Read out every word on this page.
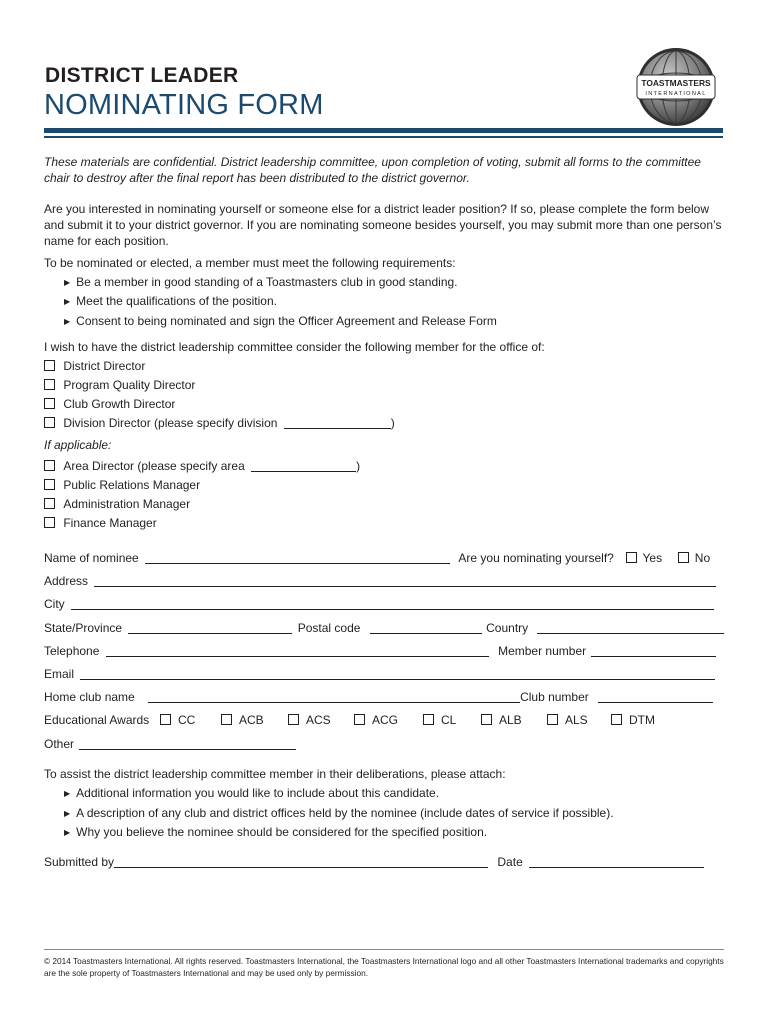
DISTRICT LEADER
NOMINATING FORM
TOASTMASTERS
INTERNATIONAL
These materials are confidential. District leadership committee, upon completion of voting, submit all forms to the committee chair to destroy after the final report has been distributed to the district governor.
Are you interested in nominating yourself or someone else for a district leader position? If so, please complete the form below and submit it to your district governor. If you are nominating someone besides yourself, you may submit more than one person’s name for each position.
To be nominated or elected, a member must meet the following requirements:
▶ Be a member in good standing of a Toastmasters club in good standing.
▶ Meet the qualifications of the position.
▶ Consent to being nominated and sign the Officer Agreement and Release Form
I wish to have the district leadership committee consider the following member for the office of:
District Director
Program Quality Director
Club Growth Director
Division Director (please specify division	)
If applicable:
Area Director (please specify area	)
Public Relations Manager
Administration Manager
Finance Manager
Name of nominee	Are you nominating yourself? Yes	No
Address
City
State/Province	Postal code	Country
Telephone	Member number
Email
Home club name	Club number
Educational Awards	CC	ACB	ACS	ACG	CL	ALB	ALS	DTM
Other
To assist the district leadership committee member in their deliberations, please attach:
▶ Additional information you would like to include about this candidate.
▶ A description of any club and district offices held by the nominee (include dates of service if possible).
▶ Why you believe the nominee should be considered for the specified position.
Submitted by	Date
© 2014 Toastmasters International. All rights reserved. Toastmasters International, the Toastmasters International logo and all other Toastmasters International trademarks and copyrights are the sole property of Toastmasters International and may be used only by permission.
